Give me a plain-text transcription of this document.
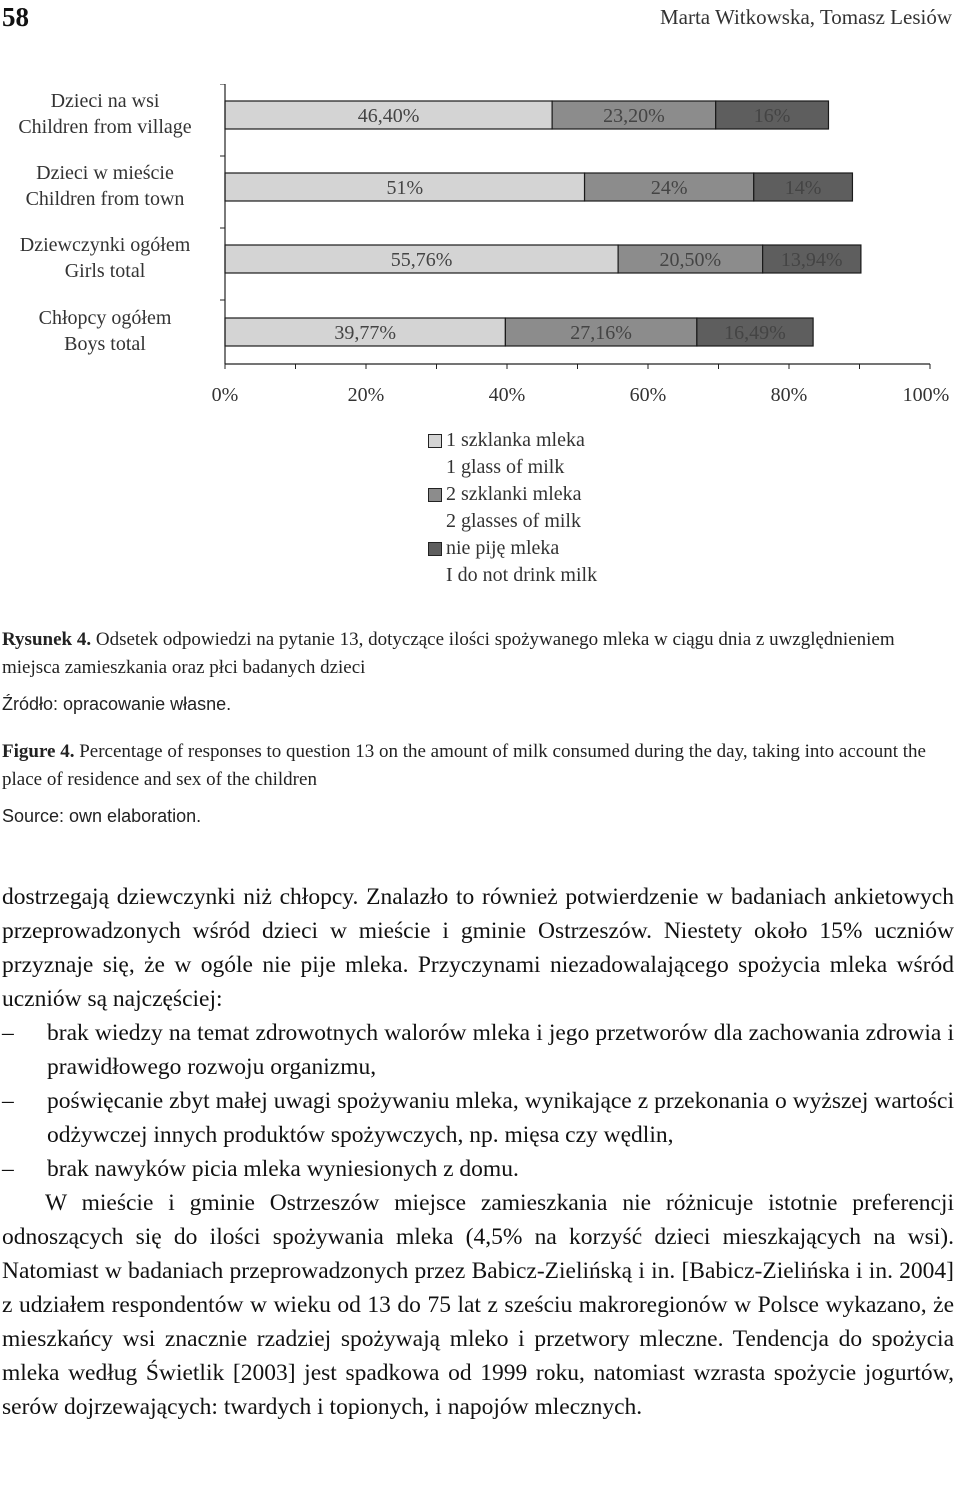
58	Marta Witkowska, Tomasz Lesiów
46,40%	23,20%	16%
51%	24%	14%
55,76%	20,50%	13,94%
39,77%	27,16%	16,49%
Dzieci na wsi
Children from village
Dzieci w mieście
Children from town
Dziewczynki ogółem
Girls total
Chłopcy ogółem
Boys total
0%	20%	40%	60%	80%	100%
1 szklanka mleka
1 glass of milk
2 szklanki mleka
2 glasses of milk
nie piję mleka
I do not drink milk
Rysunek 4. Odsetek odpowiedzi na pytanie 13, dotyczące ilości spożywanego mleka w ciągu dnia z uwzględnieniem miejsca zamieszkania oraz płci badanych dzieci
Źródło: opracowanie własne.
Figure 4. Percentage of responses to question 13 on the amount of milk consumed during the day, taking into account the place of residence and sex of the children
Source: own elaboration.

dostrzegają dziewczynki niż chłopcy. Znalazło to również potwierdzenie w badaniach ankietowych przeprowadzonych wśród dzieci w mieście i gminie Ostrzeszów. Niestety około 15% uczniów przyznaje się, że w ogóle nie pije mleka. Przyczynami niezadowalającego spożycia mleka wśród uczniów są najczęściej:

– brak wiedzy na temat zdrowotnych walorów mleka i jego przetworów dla zachowania zdrowia i prawidłowego rozwoju organizmu,

– poświęcanie zbyt małej uwagi spożywaniu mleka, wynikające z przekonania o wyższej wartości odżywczej innych produktów spożywczych, np. mięsa czy wędlin,

– brak nawyków picia mleka wyniesionych z domu.

W mieście i gminie Ostrzeszów miejsce zamieszkania nie różnicuje istotnie preferencji odnoszących się do ilości spożywania mleka (4,5% na korzyść dzieci mieszkających na wsi). Natomiast w badaniach przeprowadzonych przez Babicz-Zielińską i in. [Babicz-Zielińska i in. 2004] z udziałem respondentów w wieku od 13 do 75 lat z sześciu makroregionów w Polsce wykazano, że mieszkańcy wsi znacznie rzadziej spożywają mleko i przetwory mleczne. Tendencja do spożycia mleka według Świetlik [2003] jest spadkowa od 1999 roku, natomiast wzrasta spożycie jogurtów, serów dojrzewających: twardych i topionych, i napojów mlecznych.
